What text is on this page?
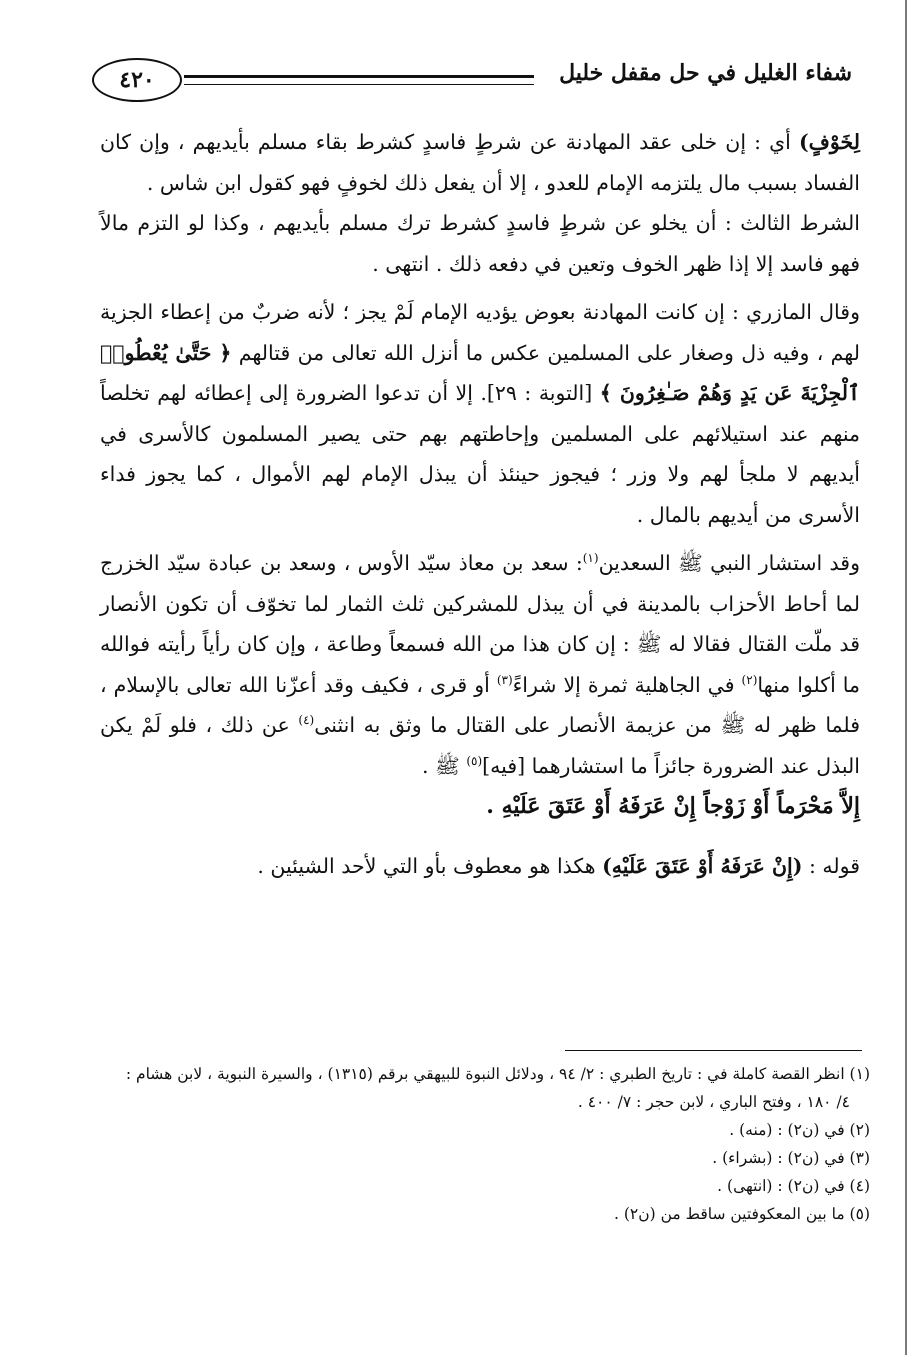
٤٢٠	شفاء الغليل في حل مقفل خليل

لِخَوْفٍ) أي : إن خلى عقد المهادنة عن شرطٍ فاسدٍ كشرط بقاء مسلم بأيديهم ، وإن كان الفساد بسبب مال يلتزمه الإمام للعدو ، إلا أن يفعل ذلك لخوفٍ فهو كقول ابن شاس .

الشرط الثالث : أن يخلو عن شرطٍ فاسدٍ كشرط ترك مسلم بأيديهم ، وكذا لو التزم مالاً فهو فاسد إلا إذا ظهر الخوف وتعين في دفعه ذلك . انتهى .

وقال المازري : إن كانت المهادنة بعوض يؤديه الإمام لَمْ يجز ؛ لأنه ضربٌ من إعطاء الجزية لهم ، وفيه ذل وصغار على المسلمين عكس ما أنزل الله تعالى من قتالهم ﴿ حَتَّىٰ يُعْطُوا۟ ٱلْجِزْيَةَ عَن يَدٍ وَهُمْ صَـٰغِرُونَ ﴾ [التوبة : ٢٩]. إلا أن تدعوا الضرورة إلى إعطائه لهم تخلصاً منهم عند استيلائهم على المسلمين وإحاطتهم بهم حتى يصير المسلمون كالأسرى في أيديهم لا ملجأ لهم ولا وزر ؛ فيجوز حينئذ أن يبذل الإمام لهم الأموال ، كما يجوز فداء الأسرى من أيديهم بالمال .

وقد استشار النبي ﷺ السعدين$^{(١)}$: سعد بن معاذ سيّد الأوس ، وسعد بن عبادة سيّد الخزرج لما أحاط الأحزاب بالمدينة في أن يبذل للمشركين ثلث الثمار لما تخوّف أن تكون الأنصار قد ملّت القتال فقالا له ﷺ : إن كان هذا من الله فسمعاً وطاعة ، وإن كان رأياً رأيته فوالله ما أكلوا منها$^{(٢)}$ في الجاهلية ثمرة إلا شراءً$^{(٣)}$ أو قرى ، فكيف وقد أعزّنا الله تعالى بالإسلام ، فلما ظهر له ﷺ من عزيمة الأنصار على القتال ما وثق به انثنى$^{(٤)}$ عن ذلك ، فلو لَمْ يكن البذل عند الضرورة جائزاً ما استشارهما [فيه]$^{(٥)}$ ﷺ .

إِلاَّ مَحْرَماً أَوْ زَوْجاً إِنْ عَرَفَهُ أَوْ عَتَقَ عَلَيْهِ .

قوله : (إِنْ عَرَفَهُ أَوْ عَتَقَ عَلَيْهِ) هكذا هو معطوف بأو التي لأحد الشيئين .

(١) انظر القصة كاملة في : تاريخ الطبري : ٢/ ٩٤ ، ودلائل النبوة للبيهقي برقم (١٣١٥) ، والسيرة النبوية ، لابن هشام :

٤/ ١٨٠ ، وفتح الباري ، لابن حجر : ٧/ ٤٠٠ .

(٢) في (ن٢) : (منه) .

(٣) في (ن٢) : (بشراء) .

(٤) في (ن٢) : (انتهى) .

(٥) ما بين المعكوفتين ساقط من (ن٢) .
